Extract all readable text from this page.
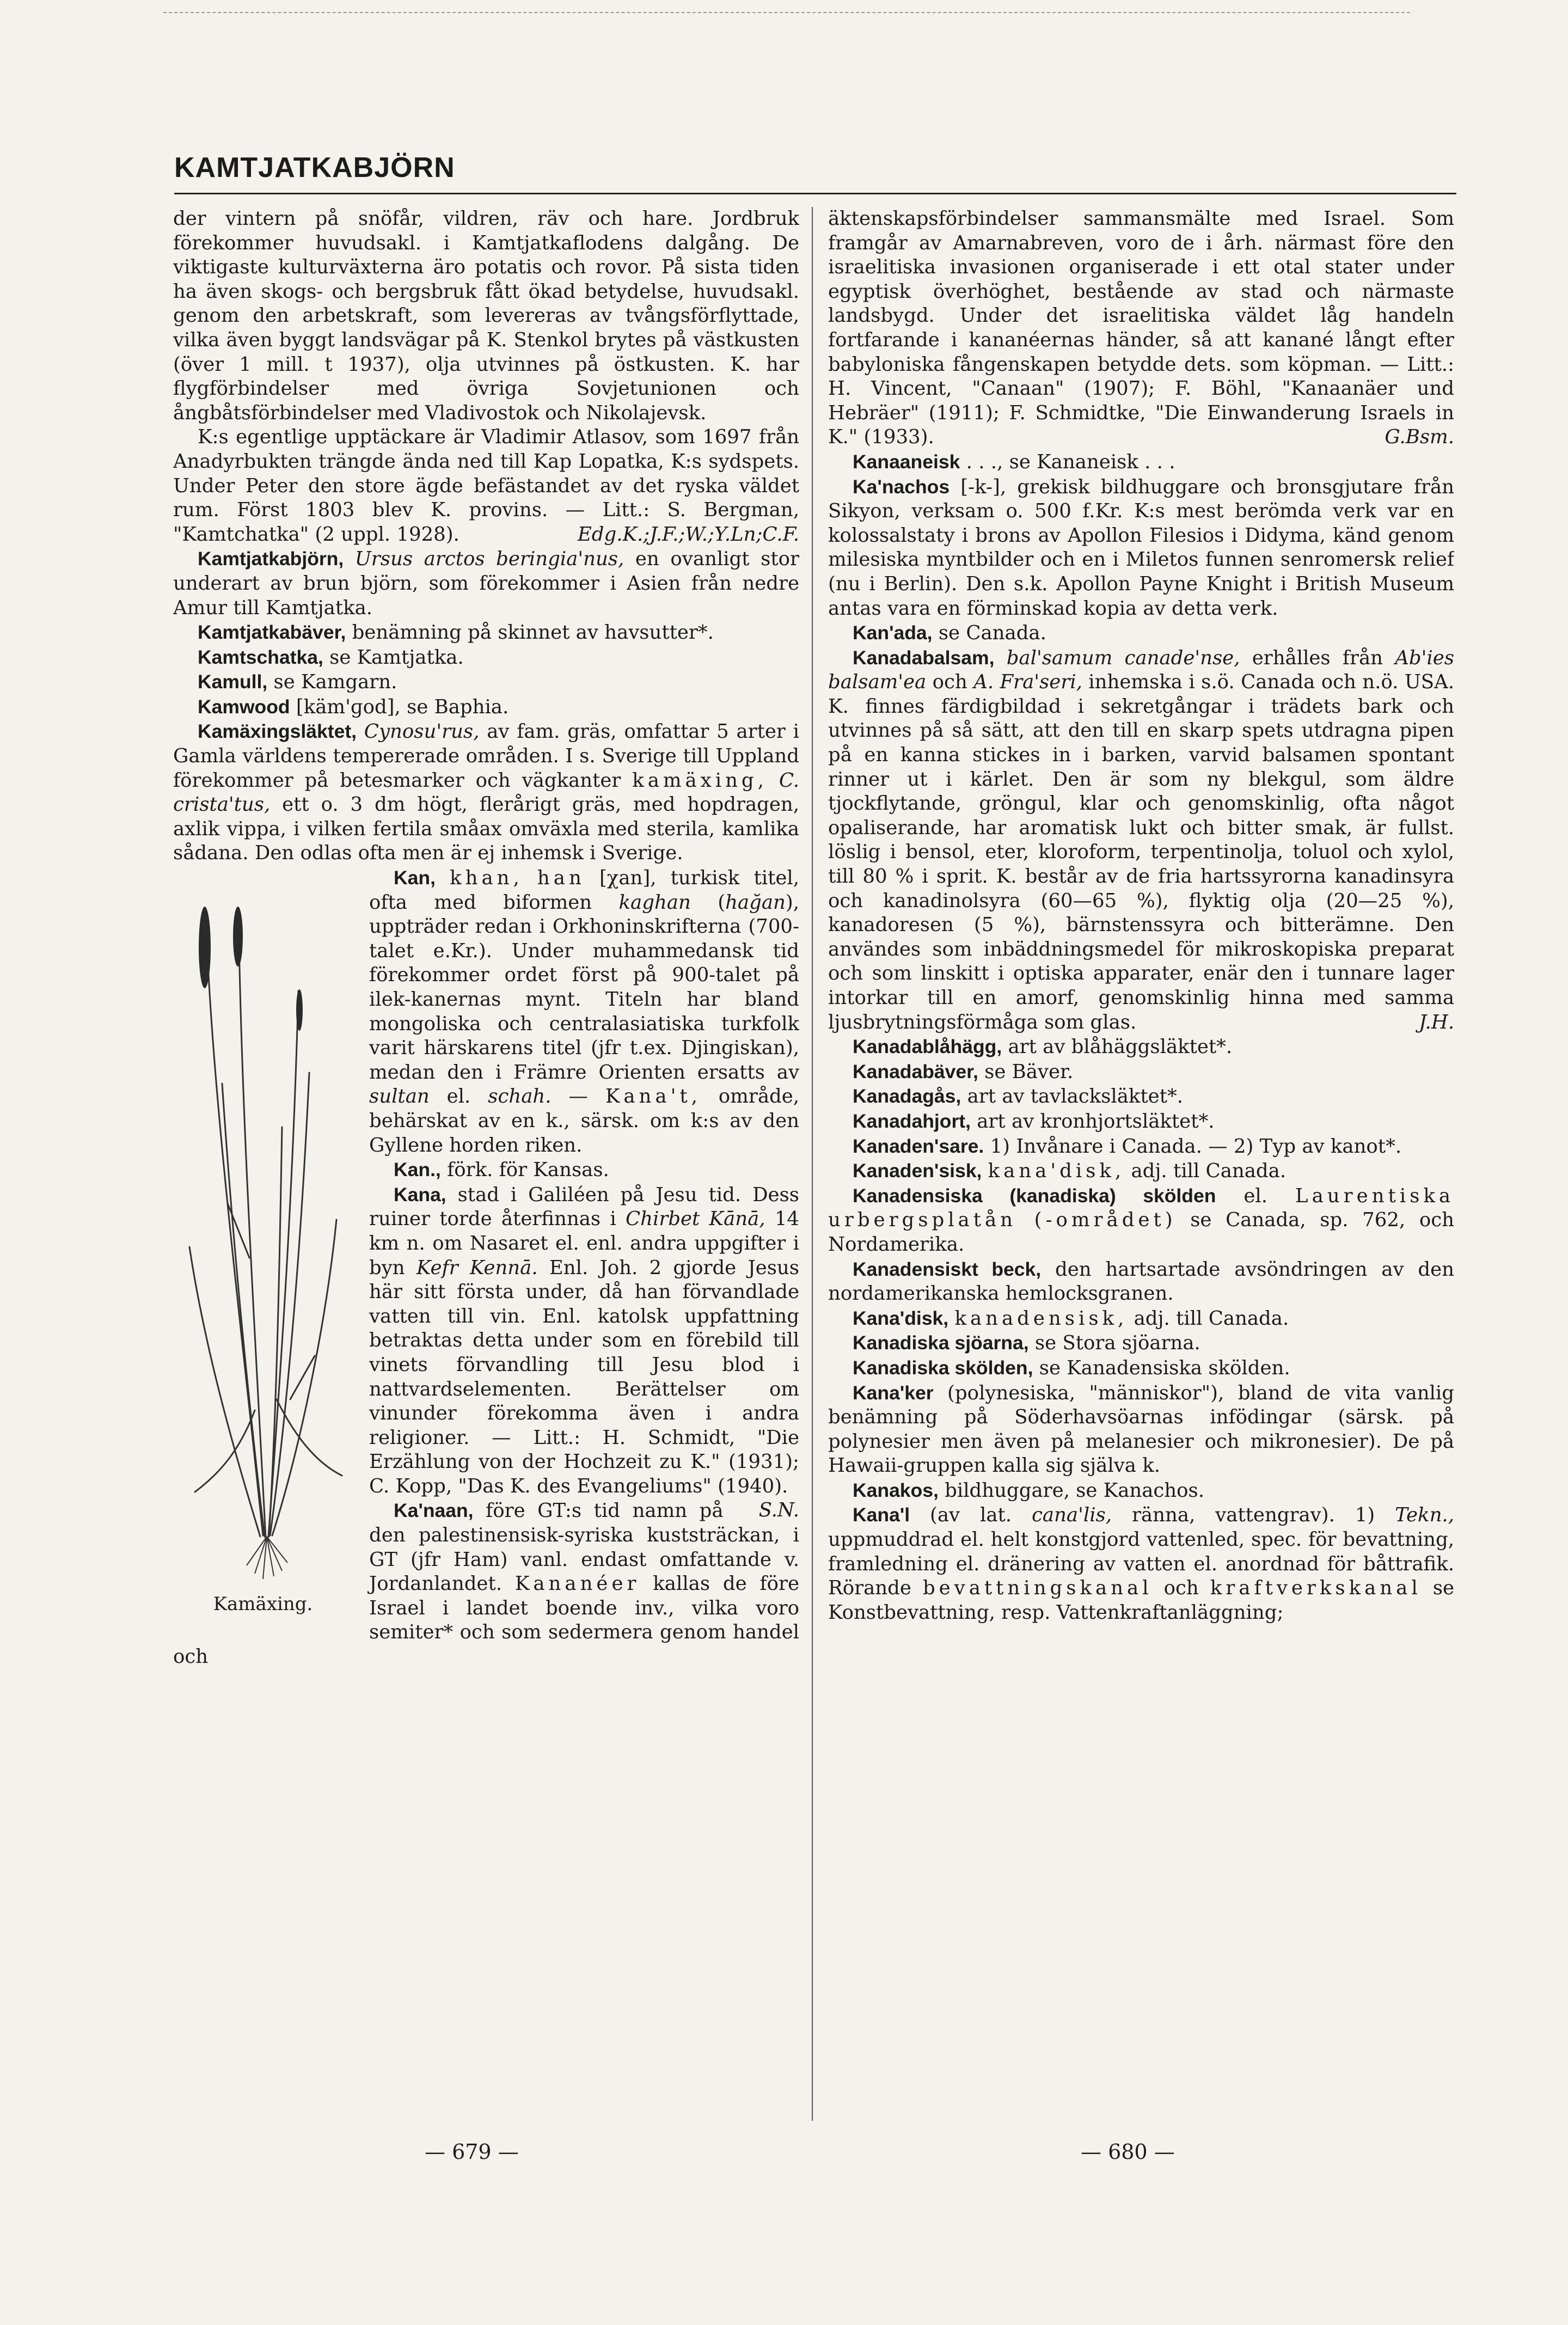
KAMTJATKABJÖRN

der vintern på snöfår, vildren, räv och hare. Jordbruk förekommer huvudsakl. i Kamtjatkaflodens dalgång. De viktigaste kulturväxterna äro potatis och rovor. På sista tiden ha även skogs- och bergsbruk fått ökad betydelse, huvudsakl. genom den arbetskraft, som levereras av tvångsförflyttade, vilka även byggt landsvägar på K. Stenkol brytes på västkusten (över 1 mill. t 1937), olja utvinnes på östkusten. K. har flygförbindelser med övriga Sovjetunionen och ångbåtsförbindelser med Vladivostok och Nikolajevsk.

K:s egentlige upptäckare är Vladimir Atlasov, som 1697 från Anadyrbukten trängde ända ned till Kap Lopatka, K:s sydspets. Under Peter den store ägde befästandet av det ryska väldet rum. Först 1803 blev K. provins. — Litt.: S. Bergman, "Kamtchatka" (2 uppl. 1928).	Edg.K.;J.F.;W.;Y.Ln;C.F.

Kamtjatkabjörn, Ursus arctos beringia'nus, en ovanligt stor underart av brun björn, som förekommer i Asien från nedre Amur till Kamtjatka.

Kamtjatkabäver, benämning på skinnet av havsutter*.

Kamtschatka, se Kamtjatka.

Kamull, se Kamgarn.

Kamwood [käm'ɡod], se Baphia.

Kamäxingsläktet, Cynosu'rus, av fam. gräs, omfattar 5 arter i Gamla världens tempererade områden. I s. Sverige till Uppland förekommer på betesmarker och vägkanter kamäxing, C. crista'tus, ett o. 3 dm högt, flerårigt gräs, med hopdragen, axlik vippa, i vilken fertila småax omväxla med sterila, kamlika sådana. Den odlas ofta men är ej inhemsk i Sverige.

Kamäxing.

Kan, khan, han [χan], turkisk titel, ofta med biformen kaghan (hağan), uppträder redan i Orkhoninskrifterna (700-talet e.Kr.). Under muhammedansk tid förekommer ordet först på 900-talet på ilek-kanernas mynt. Titeln har bland mongoliska och centralasiatiska turkfolk varit härskarens titel (jfr t.ex. Djingiskan), medan den i Främre Orienten ersatts av sultan el. schah. — Kana't, område, behärskat av en k., särsk. om k:s av den Gyllene horden riken.

Kan., förk. för Kansas.

Kana, stad i Galiléen på Jesu tid. Dess ruiner torde återfinnas i Chirbet Kānā, 14 km n. om Nasaret el. enl. andra uppgifter i byn Kefr Kennā. Enl. Joh. 2 gjorde Jesus här sitt första under, då han förvandlade vatten till vin. Enl. katolsk uppfattning betraktas detta under som en förebild till vinets förvandling till Jesu blod i nattvardselementen. Berättelser om vinunder förekomma även i andra religioner. — Litt.: H. Schmidt, "Die Erzählung von der Hochzeit zu K." (1931); C. Kopp, "Das K. des Evangeliums" (1940).
S.N.

Ka'naan, före GT:s tid namn på den palestinensisk-syriska kuststräckan, i GT (jfr Ham) vanl. endast omfattande v. Jordanlandet. Kananéer kallas de före Israel i landet boende inv., vilka voro semiter* och som sedermera genom handel och

äktenskapsförbindelser sammansmälte med Israel. Som framgår av Amarnabreven, voro de i årh. närmast före den israelitiska invasionen organiserade i ett otal stater under egyptisk överhöghet, bestående av stad och närmaste landsbygd. Under det israelitiska väldet låg handeln fortfarande i kananéernas händer, så att kanané långt efter babyloniska fångenskapen betydde dets. som köpman. — Litt.: H. Vincent, "Canaan" (1907); F. Böhl, "Kanaanäer und Hebräer" (1911); F. Schmidtke, "Die Einwanderung Israels in K." (1933).	G.Bsm.

Kanaaneisk . . ., se Kananeisk . . .

Ka'nachos [-k-], grekisk bildhuggare och bronsgjutare från Sikyon, verksam o. 500 f.Kr. K:s mest berömda verk var en kolossalstaty i brons av Apollon Filesios i Didyma, känd genom milesiska myntbilder och en i Miletos funnen senromersk relief (nu i Berlin). Den s.k. Apollon Payne Knight i British Museum antas vara en förminskad kopia av detta verk.

Kan'ada, se Canada.

Kanadabalsam, bal'samum canade'nse, erhålles från Ab'ies balsam'ea och A. Fra'seri, inhemska i s.ö. Canada och n.ö. USA. K. finnes färdigbildad i sekretgångar i trädets bark och utvinnes på så sätt, att den till en skarp spets utdragna pipen på en kanna stickes in i barken, varvid balsamen spontant rinner ut i kärlet. Den är som ny blekgul, som äldre tjockflytande, gröngul, klar och genomskinlig, ofta något opaliserande, har aromatisk lukt och bitter smak, är fullst. löslig i bensol, eter, kloroform, terpentinolja, toluol och xylol, till 80 % i sprit. K. består av de fria hartssyrorna kanadinsyra och kanadinolsyra (60—65 %), flyktig olja (20—25 %), kanadoresen (5 %), bärnstenssyra och bitterämne. Den användes som inbäddningsmedel för mikroskopiska preparat och som linskitt i optiska apparater, enär den i tunnare lager intorkar till en amorf, genomskinlig hinna med samma ljusbrytningsförmåga som glas.	J.H.

Kanadablåhägg, art av blåhäggsläktet*.

Kanadabäver, se Bäver.

Kanadagås, art av tavlacksläktet*.

Kanadahjort, art av kronhjortsläktet*.

Kanaden'sare. 1) Invånare i Canada. — 2) Typ av kanot*.

Kanaden'sisk, kana'disk, adj. till Canada.

Kanadensiska (kanadiska) skölden el. Laurentiska urbergsplatån (-området) se Canada, sp. 762, och Nordamerika.

Kanadensiskt beck, den hartsartade avsöndringen av den nordamerikanska hemlocksgranen.

Kana'disk, kanadensisk, adj. till Canada.

Kanadiska sjöarna, se Stora sjöarna.

Kanadiska skölden, se Kanadensiska skölden.

Kana'ker (polynesiska, "människor"), bland de vita vanlig benämning på Söderhavsöarnas infödingar (särsk. på polynesier men även på melanesier och mikronesier). De på Hawaii-gruppen kalla sig själva k.

Kanakos, bildhuggare, se Kanachos.

Kana'l (av lat. cana'lis, ränna, vattengrav). 1) Tekn., uppmuddrad el. helt konstgjord vattenled, spec. för bevattning, framledning el. dränering av vatten el. anordnad för båttrafik. Rörande bevattningskanal och kraftverkskanal se Konstbevattning, resp. Vattenkraftanläggning;

— 679 —	— 680 —
